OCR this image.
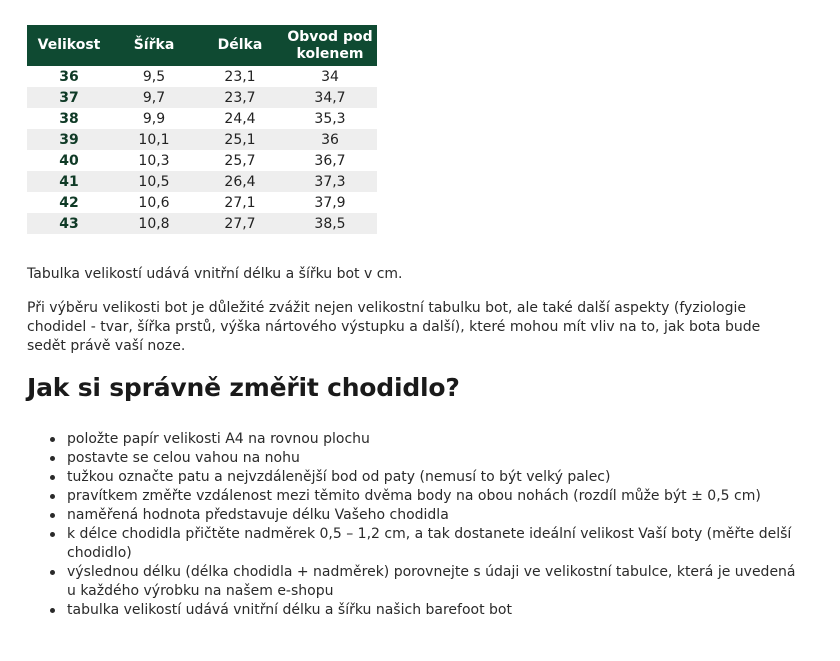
Velikost	Šířka	Délka	Obvod pod kolenem
36	9,5	23,1	34
37	9,7	23,7	34,7
38	9,9	24,4	35,3
39	10,1	25,1	36
40	10,3	25,7	36,7
41	10,5	26,4	37,3
42	10,6	27,1	37,9
43	10,8	27,7	38,5

Tabulka velikostí udává vnitřní délku a šířku bot v cm.

Při výběru velikosti bot je důležité zvážit nejen velikostní tabulku bot, ale také další aspekty (fyziologie chodidel - tvar, šířka prstů, výška nártového výstupku a další), které mohou mít vliv na to, jak bota bude sedět právě vaší noze.

Jak si správně změřit chodidlo?
položte papír velikosti A4 na rovnou plochu
postavte se celou vahou na nohu
tužkou označte patu a nejvzdálenější bod od paty (nemusí to být velký palec)
pravítkem změřte vzdálenost mezi těmito dvěma body na obou nohách (rozdíl může být ± 0,5 cm)
naměřená hodnota představuje délku Vašeho chodidla
k délce chodidla přičtěte nadměrek 0,5 – 1,2 cm, a tak dostanete ideální velikost Vaší boty (měřte delší chodidlo)
výslednou délku (délka chodidla + nadměrek) porovnejte s údaji ve velikostní tabulce, která je uvedená u každého výrobku na našem e-shopu
tabulka velikostí udává vnitřní délku a šířku našich barefoot bot
